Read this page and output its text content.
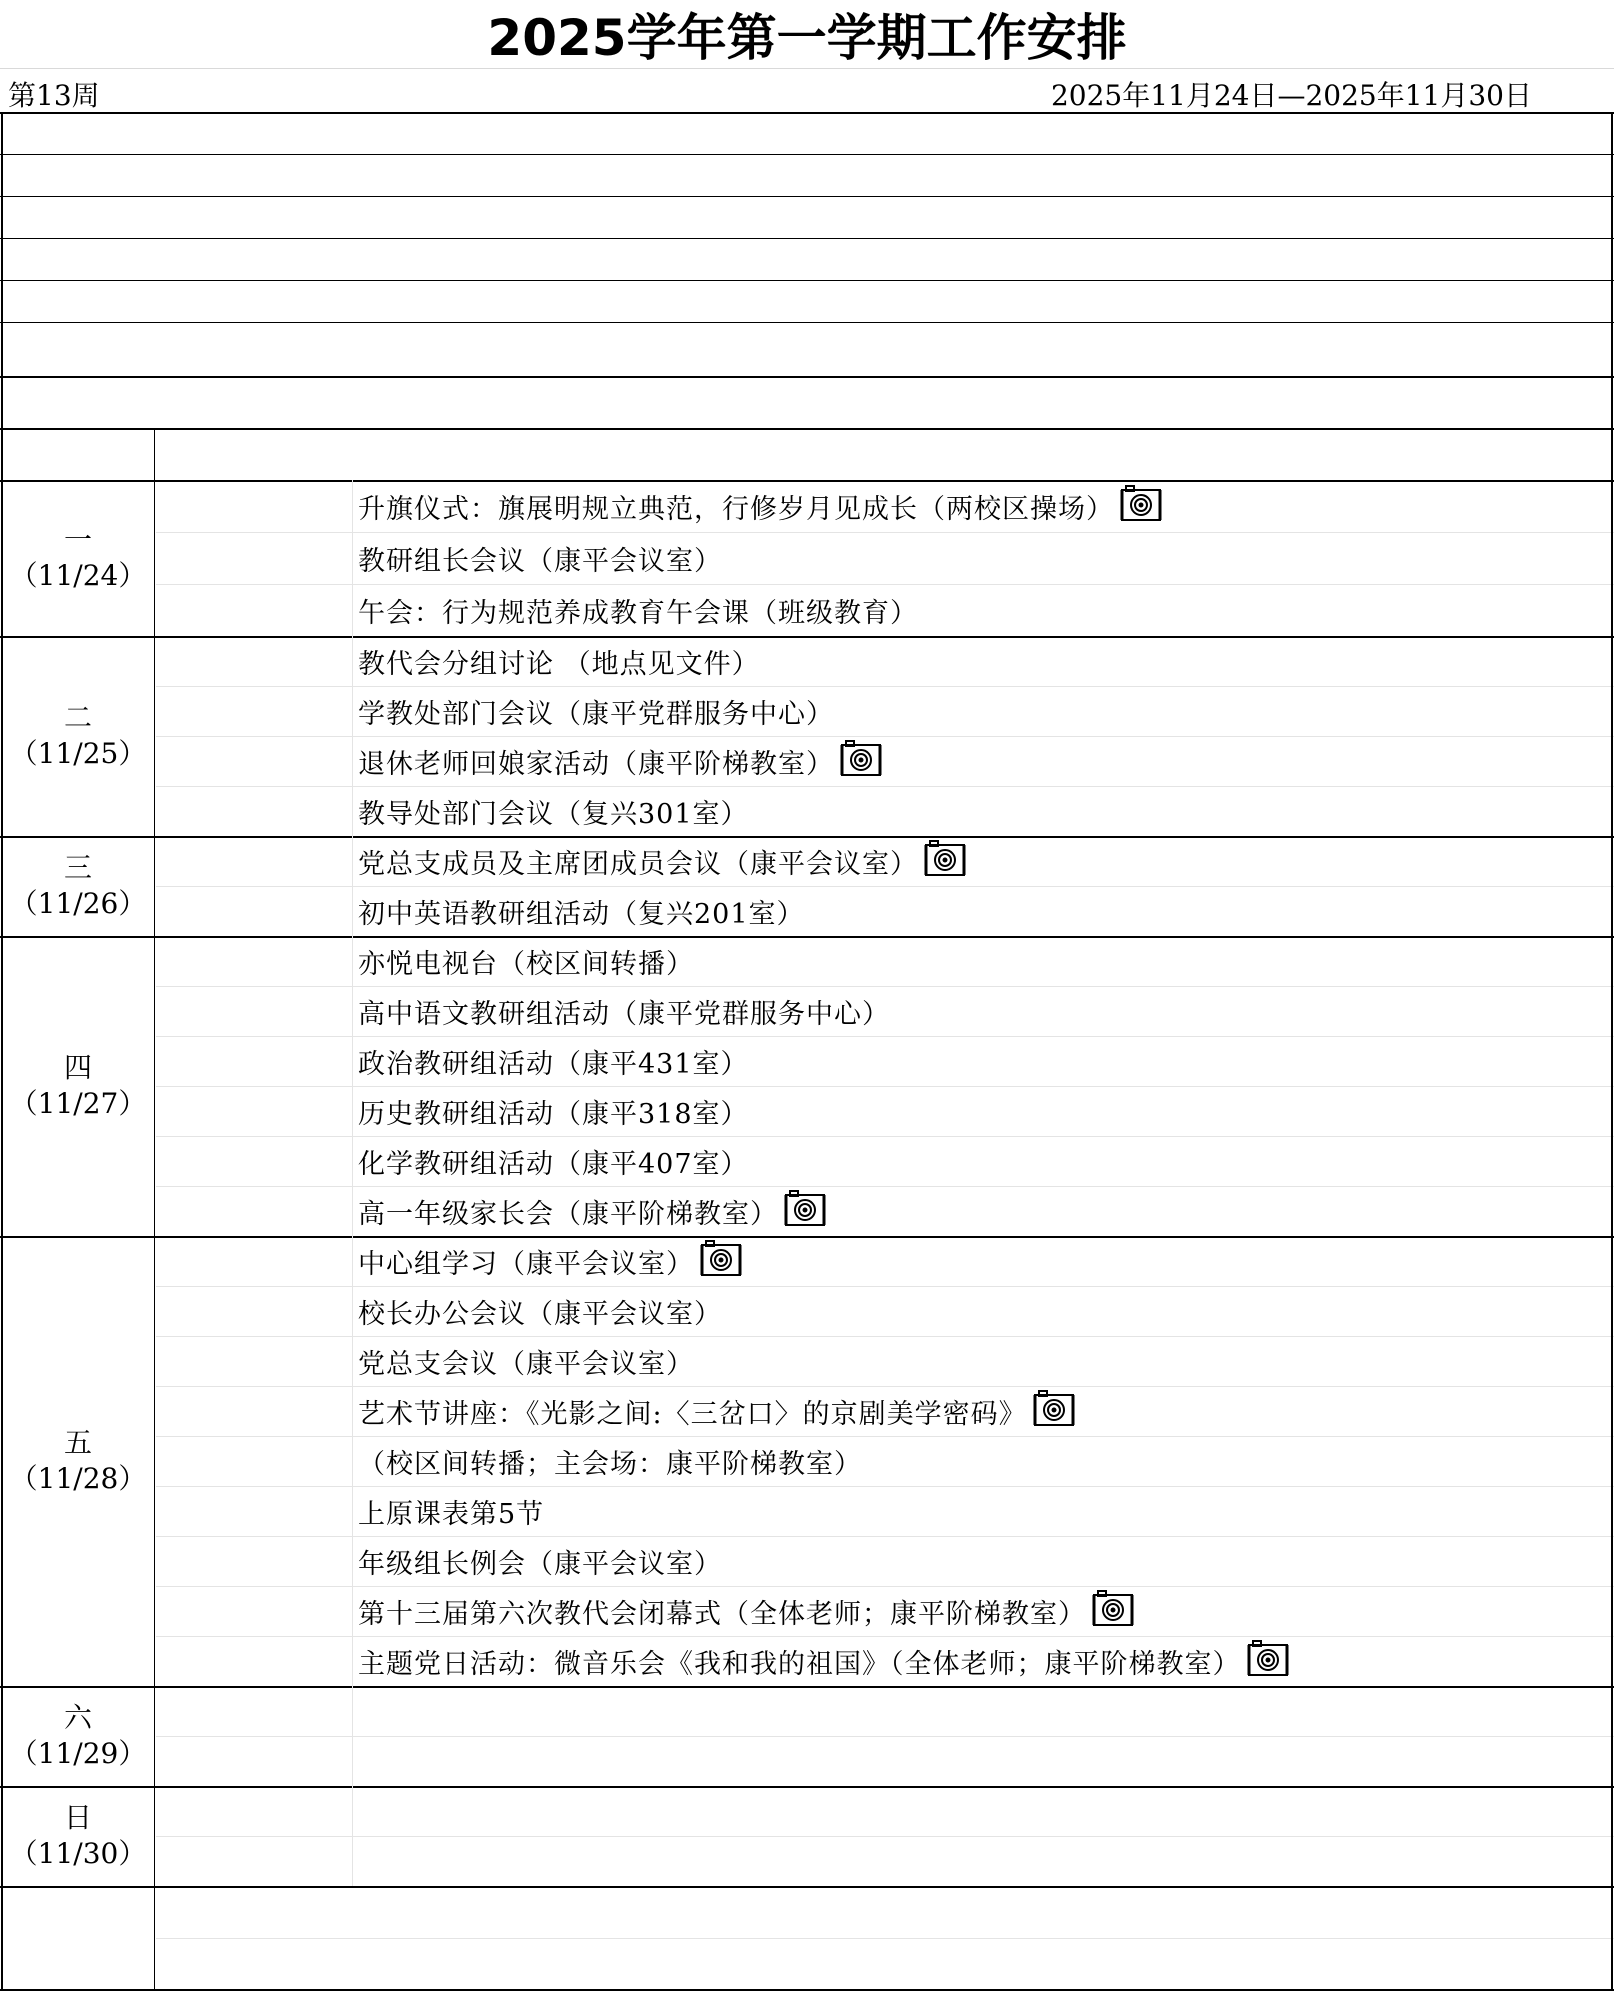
2025学年第一学期工作安排
第13周	2025年11月24日—2025年11月30日
一
（11/24）
升旗仪式：旗展明规立典范，行修岁月见成长（两校区操场）
教研组长会议（康平会议室）
午会：行为规范养成教育午会课（班级教育）
二
（11/25）
教代会分组讨论 （地点见文件）
学教处部门会议（康平党群服务中心）
退休老师回娘家活动（康平阶梯教室）
教导处部门会议（复兴301室）
三
（11/26）
党总支成员及主席团成员会议（康平会议室）
初中英语教研组活动（复兴201室）
四
（11/27）
亦悦电视台（校区间转播）
高中语文教研组活动（康平党群服务中心）
政治教研组活动（康平431室）
历史教研组活动（康平318室）
化学教研组活动（康平407室）
高一年级家长会（康平阶梯教室）
五
（11/28）
中心组学习（康平会议室）
校长办公会议（康平会议室）
党总支会议（康平会议室）
艺术节讲座：《光影之间:〈三岔口〉的京剧美学密码》
（校区间转播；主会场：康平阶梯教室）
上原课表第5节
年级组长例会（康平会议室）
第十三届第六次教代会闭幕式（全体老师；康平阶梯教室）
主题党日活动：微音乐会《我和我的祖国》（全体老师；康平阶梯教室）
六
（11/29）
日
（11/30）
